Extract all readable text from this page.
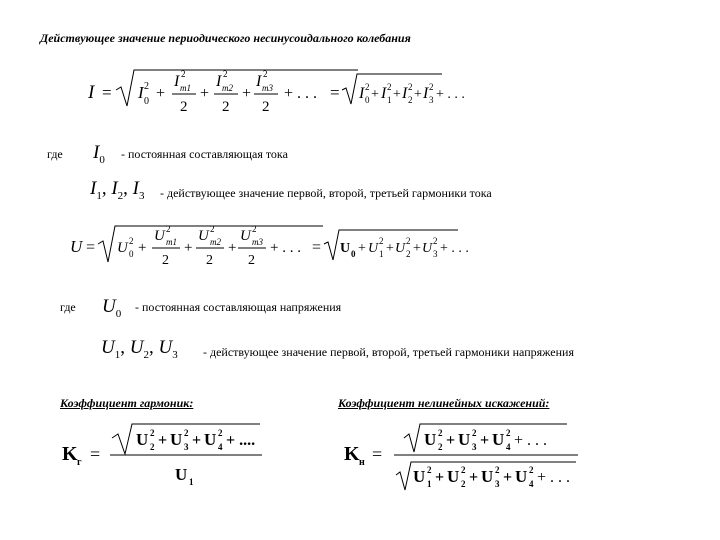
Действующее значение периодического несинусоидального колебания
I = I 0
2 +
I 2
m1
2
+
I 2
m2
2
+
I 2
m3
2
+ . . . = I 0
2 + I 1
2 + I 2
2 + I 3
2 + . . .
где $I_0$ - постоянная составляющая тока
$I_1$, $I_2$, $I_3$ - действующее значение первой, второй, третьей гармоники тока
U = U 0
2 +
U 2
m1
2
+
U 2
m2
2
+
U 2
m3
2
+ . . . = U 0 + U 1
2 + U 2
2 + U 3
2 + . . .
где $U_0$ - постоянная составляющая напряжения
$U_1$, $U_2$, $U_3$ - действующее значение первой, второй, третьей гармоники напряжения
Коэффициент гармоник:	Коэффициент нелинейных искажений:
K г =
U 2
2 + U 3
2 + U 4
2 + ....
U 1
K н =
U 2
2 + U 3
2 + U 4
2 + . . .
U 1
2 + U 2
2 + U 3
2 + U 4
2 + . . .
